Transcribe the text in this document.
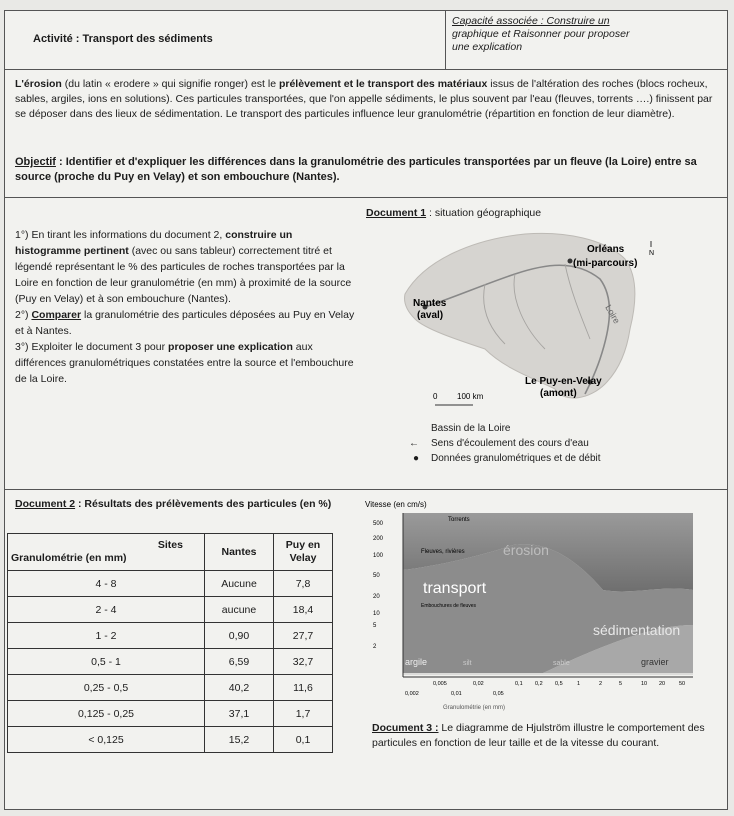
Activité : Transport des sédiments
Capacité associée : Construire un
graphique et Raisonner pour proposer
une explication
L'érosion (du latin « erodere » qui signifie ronger) est le prélèvement et le transport des matériaux issus de l'altération des roches (blocs rocheux, sables, argiles, ions en solutions). Ces particules transportées, que l'on appelle sédiments, le plus souvent par l'eau (fleuves, torrents ….) finissent par se déposer dans des lieux de sédimentation. Le transport des particules influence leur granulométrie (répartition en fonction de leur diamètre).
Objectif : Identifier et d'expliquer les différences dans la granulométrie des particules transportées par un fleuve (la Loire) entre sa source (proche du Puy en Velay) et son embouchure (Nantes).
1°) En tirant les informations du document 2, construire un histogramme pertinent (avec ou sans tableur) correctement titré et légendé représentant le % des particules de roches transportées par la Loire en fonction de leur granulométrie (en mm) à proximité de la source (Puy en Velay) et à son embouchure (Nantes).
2°) Comparer la granulométrie des particules déposées au Puy en Velay et à Nantes.
3°) Exploiter le document 3 pour proposer une explication aux différences granulométriques constatées entre la source et l'embouchure de la Loire.
Document 1 : situation géographique
Orléans
(mi-parcours)
Nantes
(aval)	Loire
Le Puy-en-Velay
(amont)
0 100 km
N
Bassin de la Loire
← Sens d'écoulement des cours d'eau
● Données granulométriques et de débit
Document 2 : Résultats des prélèvements des particules (en %)
Sites
Granulométrie (en mm)	Nantes	Puy en Velay
4 - 8	Aucune	7,8
2 - 4	aucune	18,4
1 - 2	0,90	27,7
0,5 - 1	6,59	32,7
0,25 - 0,5	40,2	11,6
0,125 - 0,25	37,1	1,7
< 0,125	15,2	0,1
Vitesse (en cm/s)
500
200
100
50
20
10
5
2
0,002
0,005
0,01
0,02
0,05
0,1 0,2 0,5	1	2	5	10 20	50
Granulométrie (en mm)
Torrents
Fleuves, rivières
Embouchures de fleuves
érosion
transport
sédimentation
argile	silt	sable	gravier
Document 3 : Le diagramme de Hjulström illustre le comportement des particules en fonction de leur taille et de la vitesse du courant.
